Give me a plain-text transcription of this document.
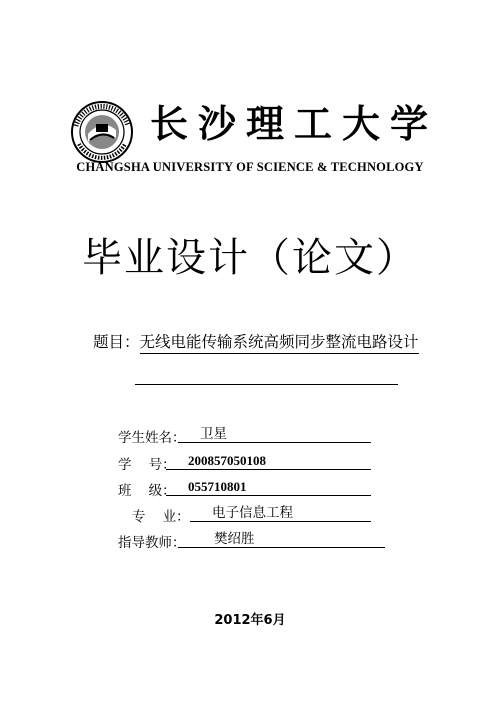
长沙理工大学
CHANGSHA UNIVERSITY OF SCIENCE & TECHNOLOGY
毕业设计（论文）
题目：无线电能传输系统高频同步整流电路设计
学生姓名：	卫星
学    号： 200857050108
班    级： 055710801
专    业：	电子信息工程
指导教师：	樊绍胜
2012年6月
